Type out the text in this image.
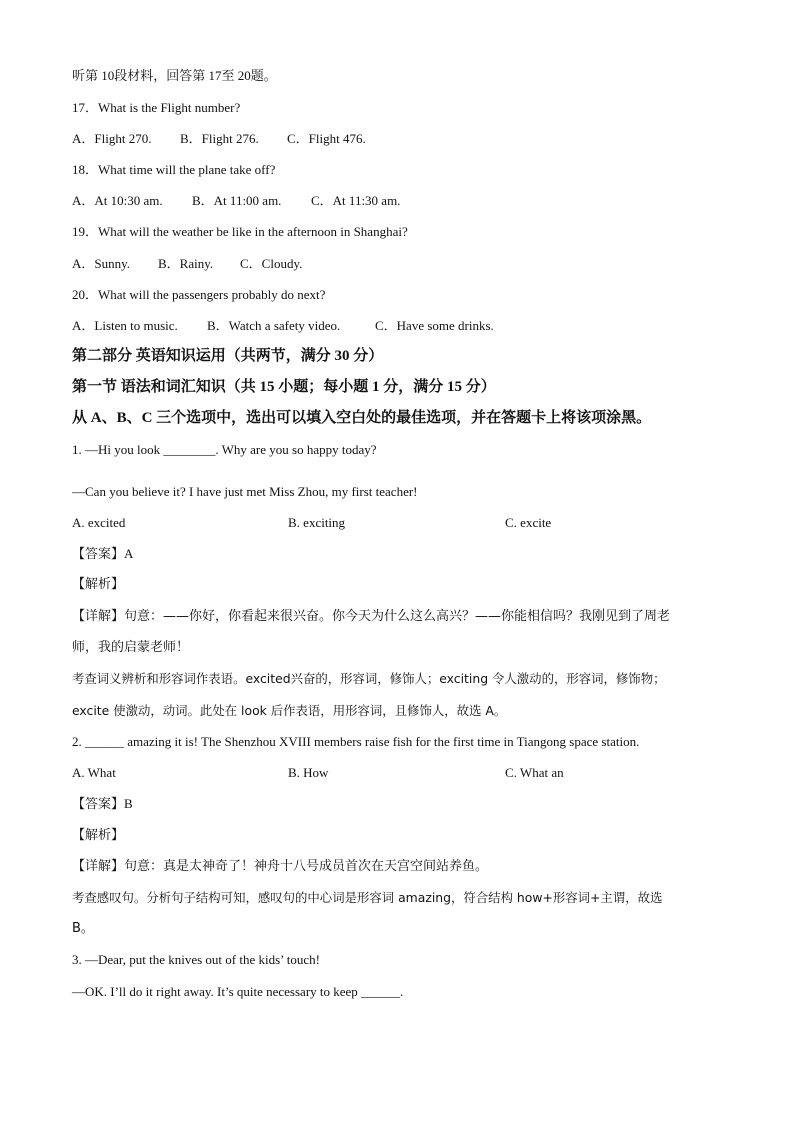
听第 10段材料，回答第 17至 20题。
17．What is the Flight number?
A．Flight 270. B．Flight 276. C．Flight 476.
18．What time will the plane take off?
A．At 10:30 am. B．At 11:00 am. C．At 11:30 am.
19．What will the weather be like in the afternoon in Shanghai?
A．Sunny. B．Rainy. C．Cloudy.
20．What will the passengers probably do next?
A．Listen to music. B．Watch a safety video.	C．Have some drinks.
第二部分 英语知识运用（共两节，满分 30 分）
第一节 语法和词汇知识（共 15 小题；每小题 1 分，满分 15 分）
从 A、B、C 三个选项中，选出可以填入空白处的最佳选项，并在答题卡上将该项涂黑。
1. —Hi you look ________. Why are you so happy today?
—Can you believe it? I have just met Miss Zhou, my first teacher!
A. excited	B. exciting	C. excite
【答案】A
【解析】
【详解】句意：——你好，你看起来很兴奋。你今天为什么这么高兴？——你能相信吗？我刚见到了周老
师，我的启蒙老师！
考查词义辨析和形容词作表语。excited兴奋的，形容词，修饰人；exciting 令人激动的，形容词，修饰物；
excite 使激动，动词。此处在 look 后作表语，用形容词，且修饰人，故选 A。
2. ______ amazing it is! The Shenzhou XVIII members raise fish for the first time in Tiangong space station.
A. What	B. How	C. What an
【答案】B
【解析】
【详解】句意：真是太神奇了！神舟十八号成员首次在天宫空间站养鱼。
考查感叹句。分析句子结构可知，感叹句的中心词是形容词 amazing，符合结构 how+形容词+主谓，故选
B。
3. —Dear, put the knives out of the kids’ touch!
—OK. I’ll do it right away. It’s quite necessary to keep ______.
